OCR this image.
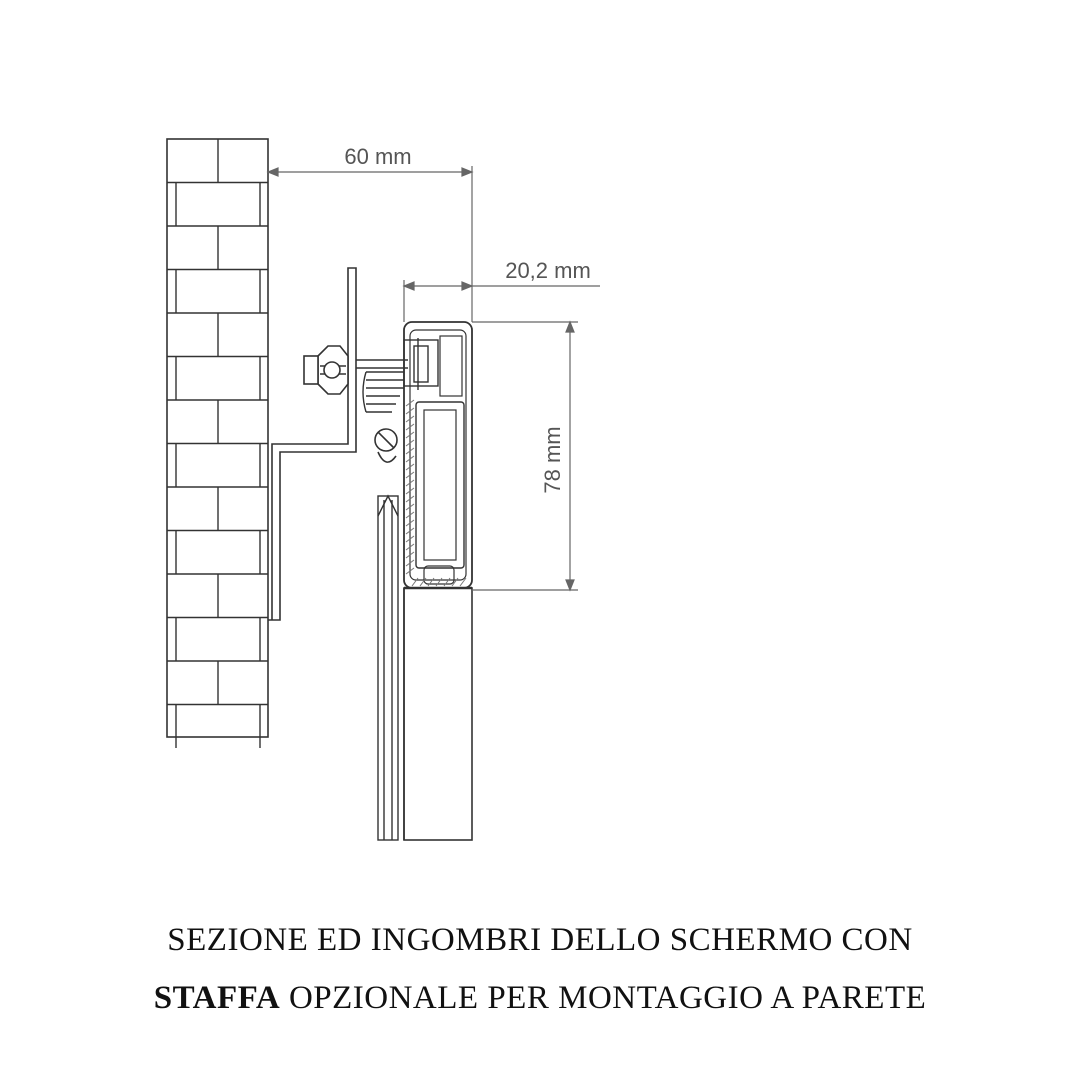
60 mm
20,2 mm
78 mm
SEZIONE ED INGOMBRI DELLO SCHERMO CON
STAFFA OPZIONALE PER MONTAGGIO A PARETE
